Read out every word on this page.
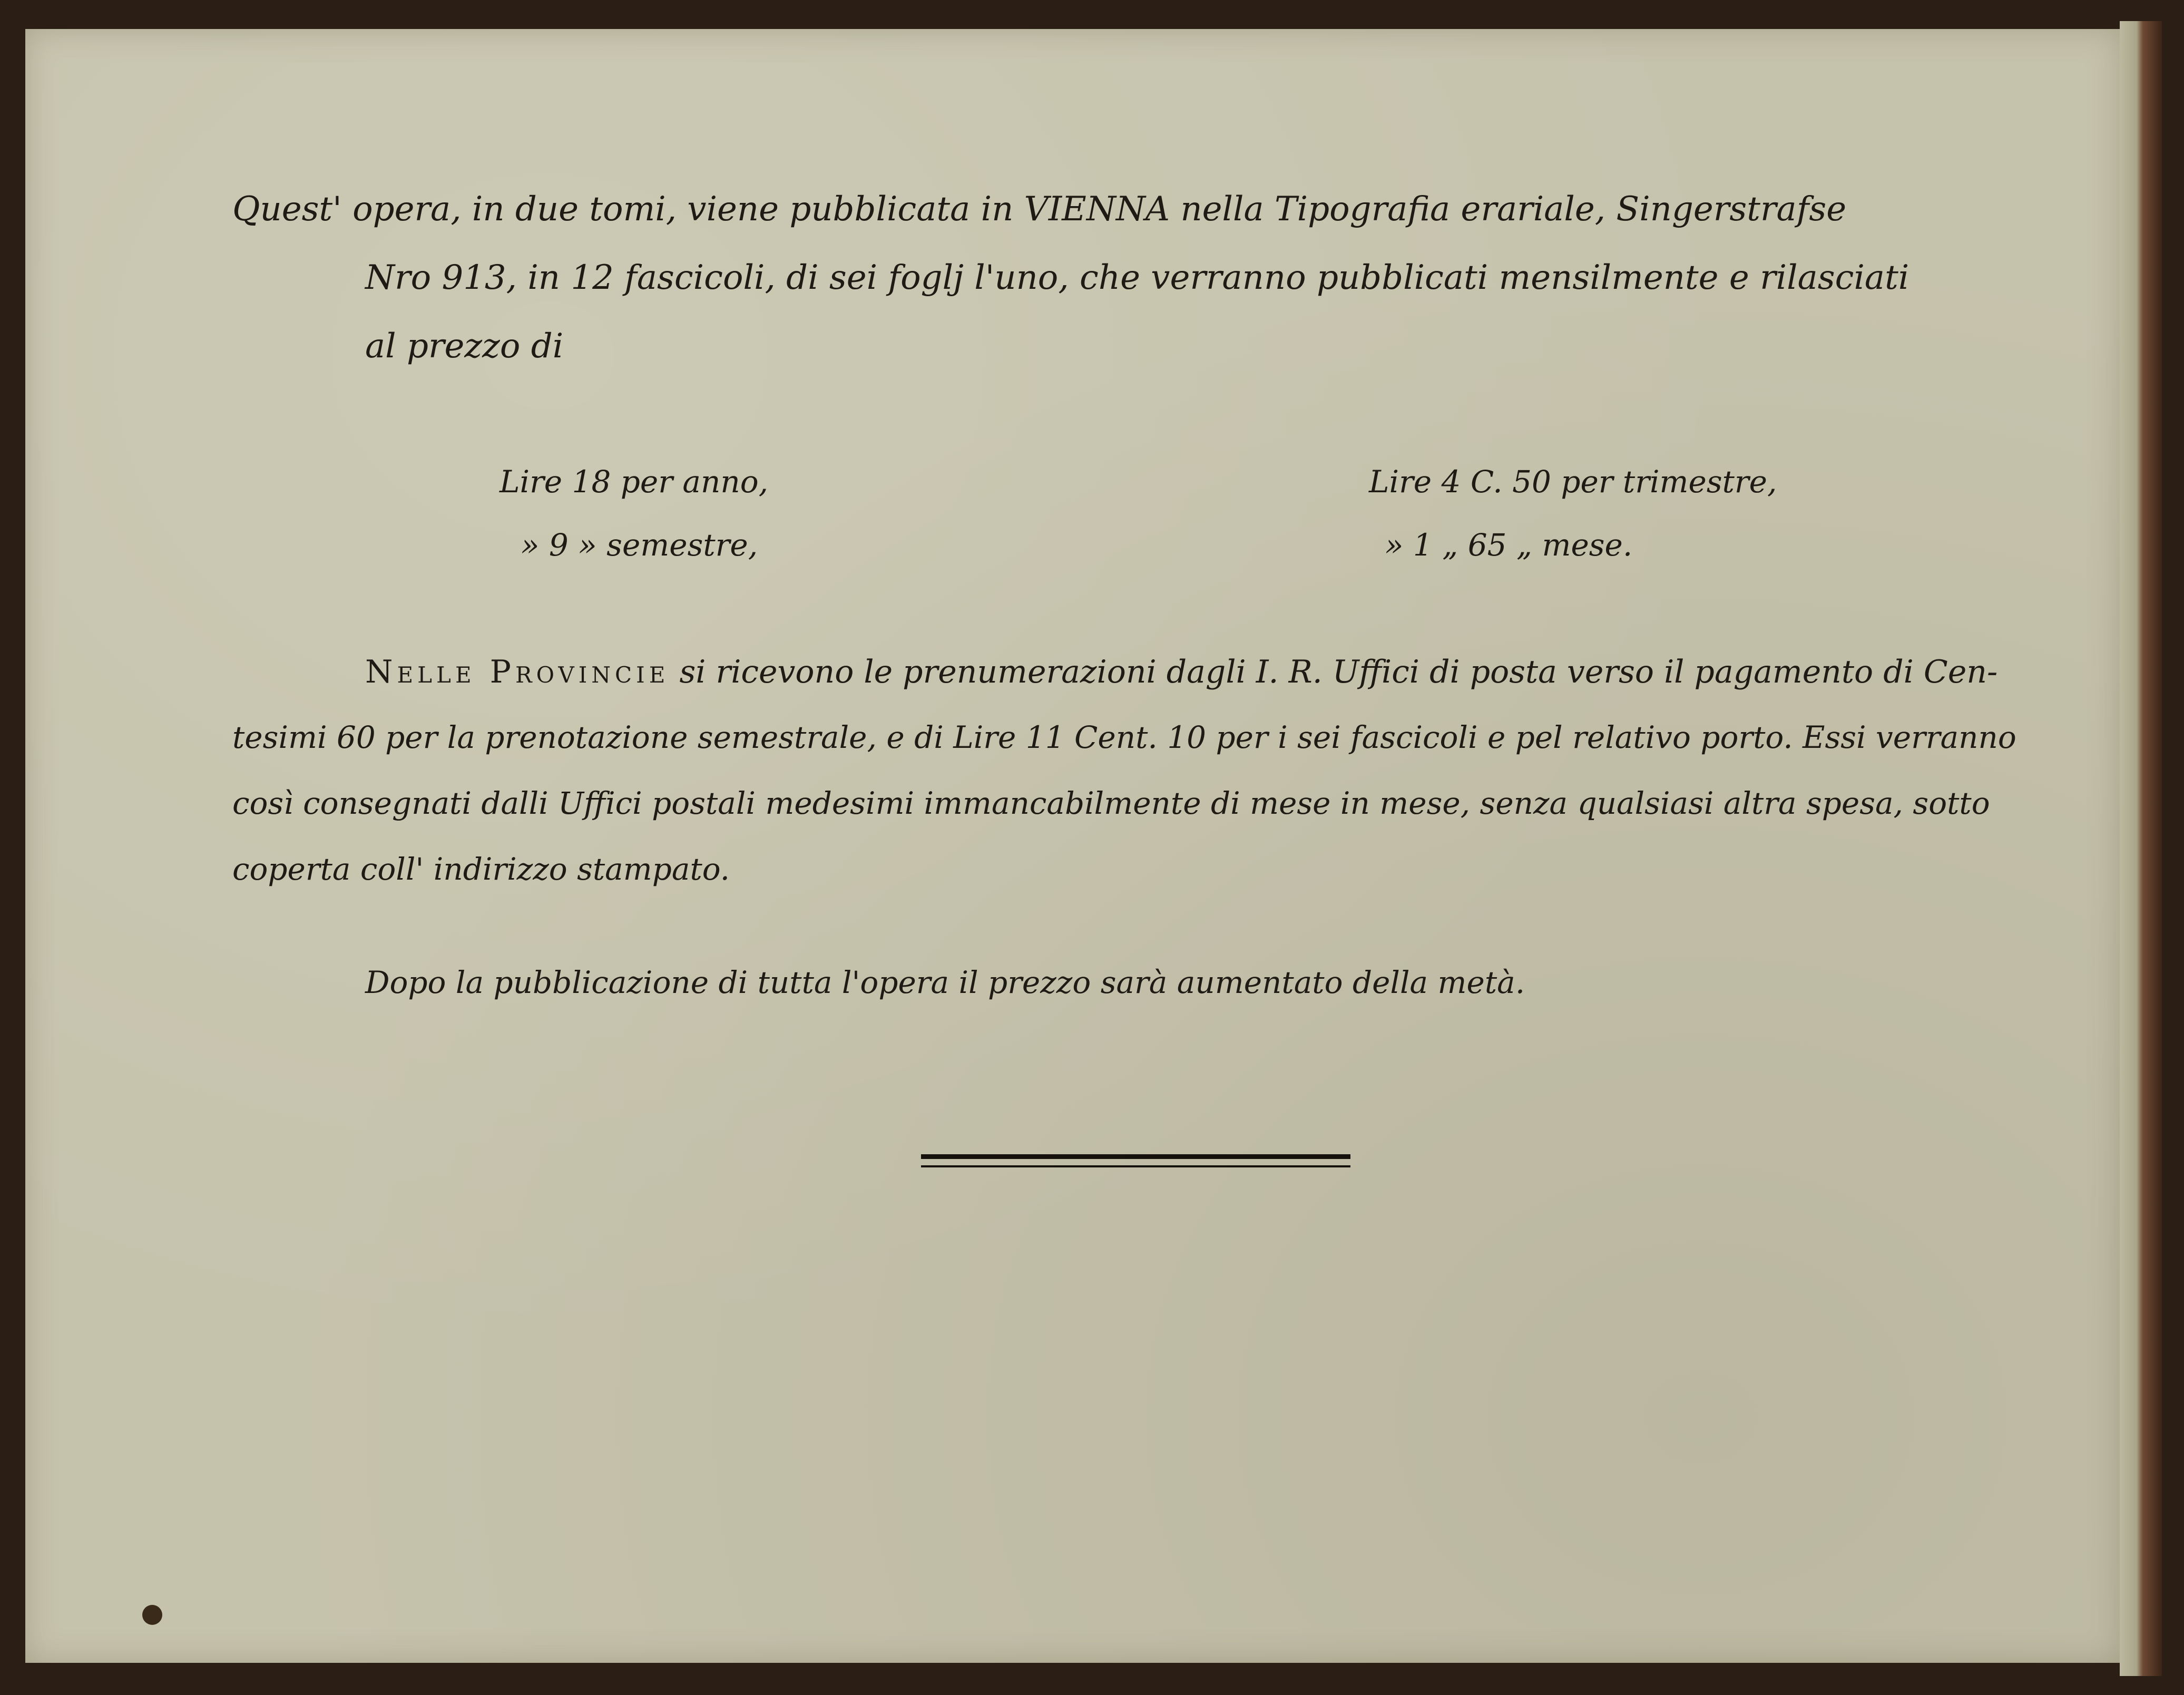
Quest' opera, in due tomi, viene pubblicata in VIENNA nella Tipografia erariale, Singerstrafse
Nro 913, in 12 fascicoli, di sei foglj l'uno, che verranno pubblicati mensilmente e rilasciati
al prezzo di
Lire 18 per anno,
» 9 » semestre,
Lire 4 C. 50 per trimestre,
» 1 „ 65 „ mese.
Nelle Provincie si ricevono le prenumerazioni dagli I. R. Uffici di posta verso il pagamento di Cen-
tesimi 60 per la prenotazione semestrale, e di Lire 11 Cent. 10 per i sei fascicoli e pel relativo porto. Essi verranno
così consegnati dalli Uffici postali medesimi immancabilmente di mese in mese, senza qualsiasi altra spesa, sotto
coperta coll' indirizzo stampato.
Dopo la pubblicazione di tutta l'opera il prezzo sarà aumentato della metà.
